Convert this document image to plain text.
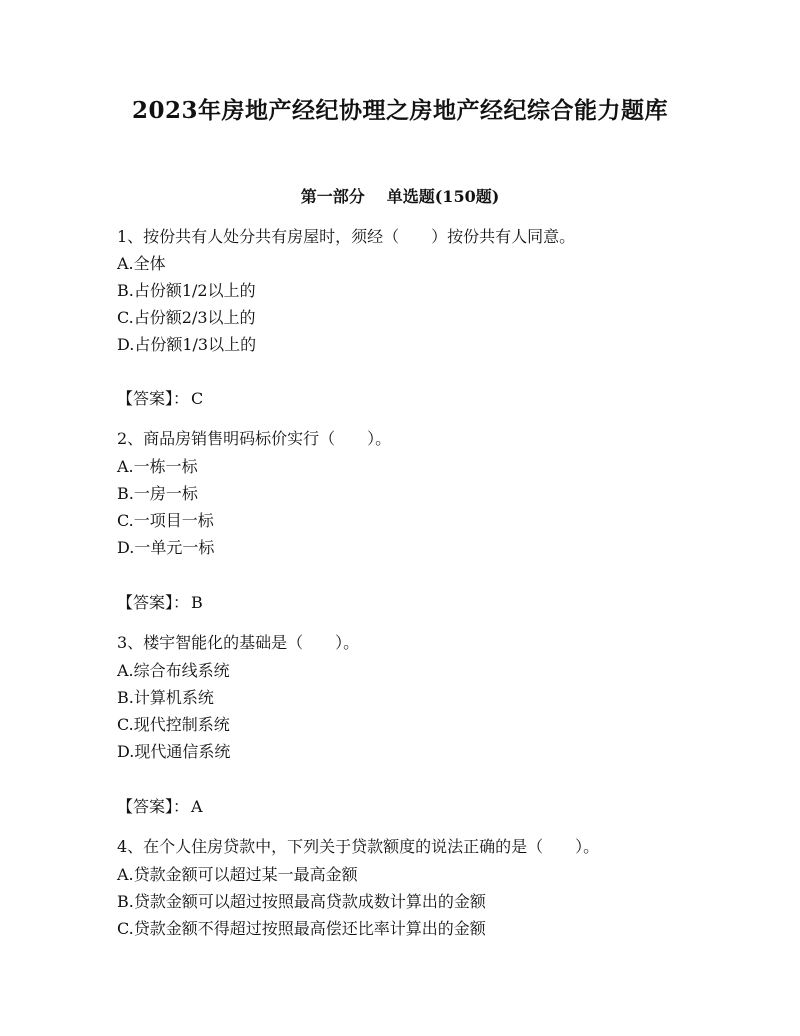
2023年房地产经纪协理之房地产经纪综合能力题库
第一部分 单选题(150题)
1、按份共有人处分共有房屋时，须经（　　）按份共有人同意。
A.全体
B.占份额1/2以上的
C.占份额2/3以上的
D.占份额1/3以上的
【答案】： C
2、商品房销售明码标价实行（　　）。
A.一栋一标
B.一房一标
C.一项目一标
D.一单元一标
【答案】： B
3、楼宇智能化的基础是（　　）。
A.综合布线系统
B.计算机系统
C.现代控制系统
D.现代通信系统
【答案】： A
4、在个人住房贷款中，下列关于贷款额度的说法正确的是（　　）。
A.贷款金额可以超过某一最高金额
B.贷款金额可以超过按照最高贷款成数计算出的金额
C.贷款金额不得超过按照最高偿还比率计算出的金额
